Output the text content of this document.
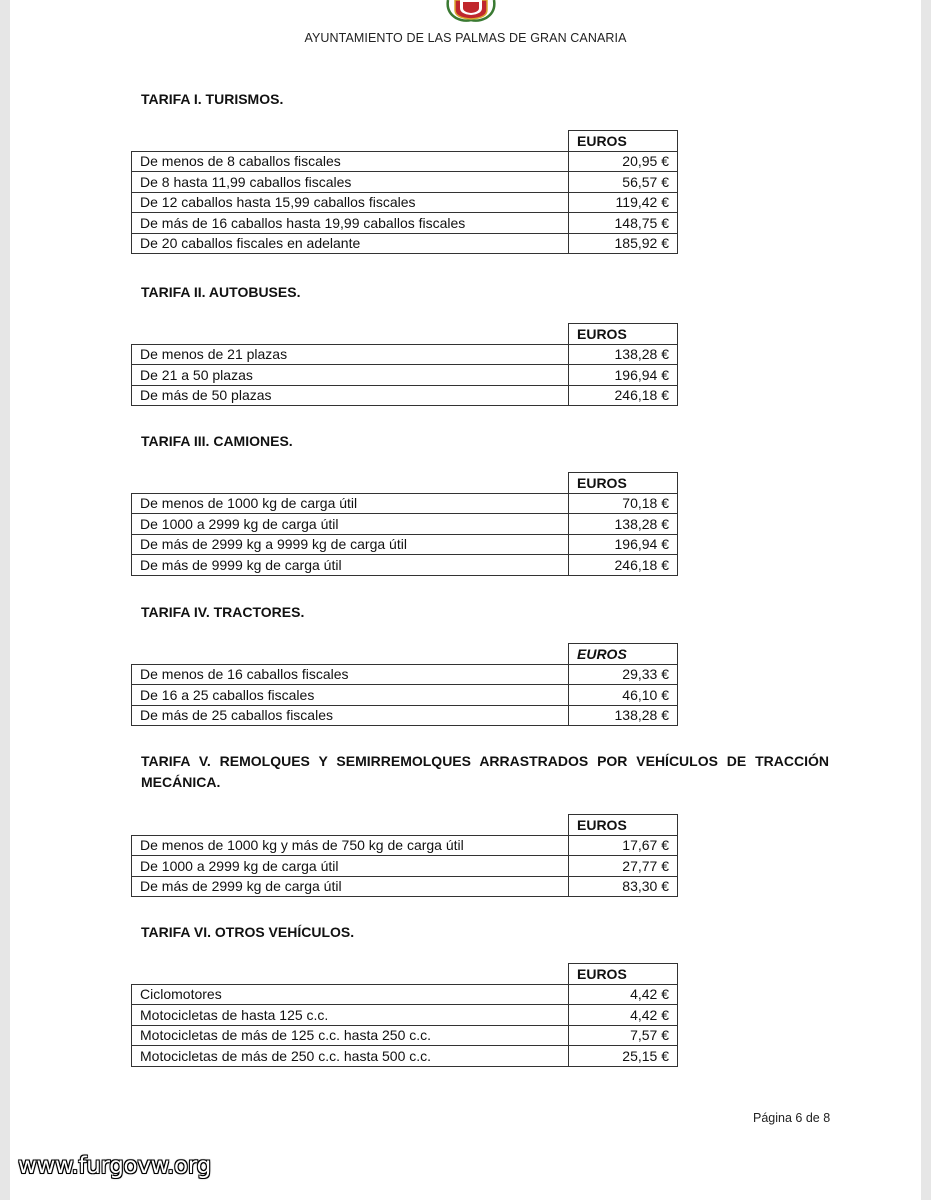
AYUNTAMIENTO DE LAS PALMAS DE GRAN CANARIA
TARIFA I. TURISMOS.
	EUROS
De menos de 8 caballos fiscales	20,95 €
De 8 hasta 11,99 caballos fiscales	56,57 €
De 12 caballos hasta 15,99 caballos fiscales	119,42 €
De más de 16 caballos hasta 19,99 caballos fiscales	148,75 €
De 20 caballos fiscales en adelante	185,92 €
TARIFA II. AUTOBUSES.
	EUROS
De menos de 21 plazas	138,28 €
De 21 a 50 plazas	196,94 €
De más de 50 plazas	246,18 €
TARIFA III. CAMIONES.
	EUROS
De menos de 1000 kg de carga útil	70,18 €
De 1000 a 2999 kg de carga útil	138,28 €
De más de 2999 kg a 9999 kg de carga útil	196,94 €
De más de 9999 kg de carga útil	246,18 €
TARIFA IV. TRACTORES.
	EUROS
De menos de 16 caballos fiscales	29,33 €
De 16 a 25 caballos fiscales	46,10 €
De más de 25 caballos fiscales	138,28 €
TARIFA V. REMOLQUES Y SEMIRREMOLQUES ARRASTRADOS POR VEHÍCULOS DE TRACCIÓN MECÁNICA.
	EUROS
De menos de 1000 kg y más de 750 kg de carga útil	17,67 €
De 1000 a 2999 kg de carga útil	27,77 €
De más de 2999 kg de carga útil	83,30 €
TARIFA VI. OTROS VEHÍCULOS.
	EUROS
Ciclomotores	4,42 €
Motocicletas de hasta 125 c.c.	4,42 €
Motocicletas de más de 125 c.c. hasta 250 c.c.	7,57 €
Motocicletas de más de 250 c.c. hasta 500 c.c.	25,15 €
Página 6 de 8
www.furgovw.org
